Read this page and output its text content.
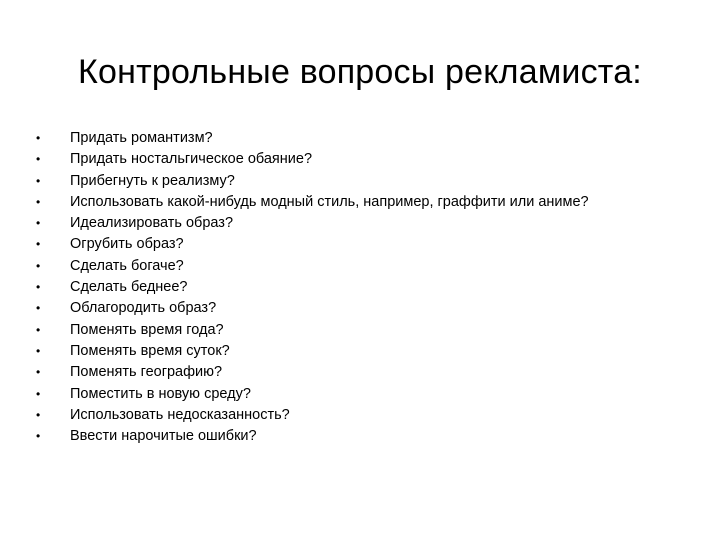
Контрольные вопросы рекламиста:
•	Придать романтизм?
•	Придать ностальгическое обаяние?
•	Прибегнуть к реализму?
•	Использовать какой-нибудь модный стиль, например, граффити или аниме?
•	Идеализировать образ?
•	Огрубить образ?
•	Сделать богаче?
•	Сделать беднее?
•	Облагородить образ?
•	Поменять время года?
•	Поменять время суток?
•	Поменять географию?
•	Поместить в новую среду?
•	Использовать недосказанность?
•	Ввести нарочитые ошибки?
